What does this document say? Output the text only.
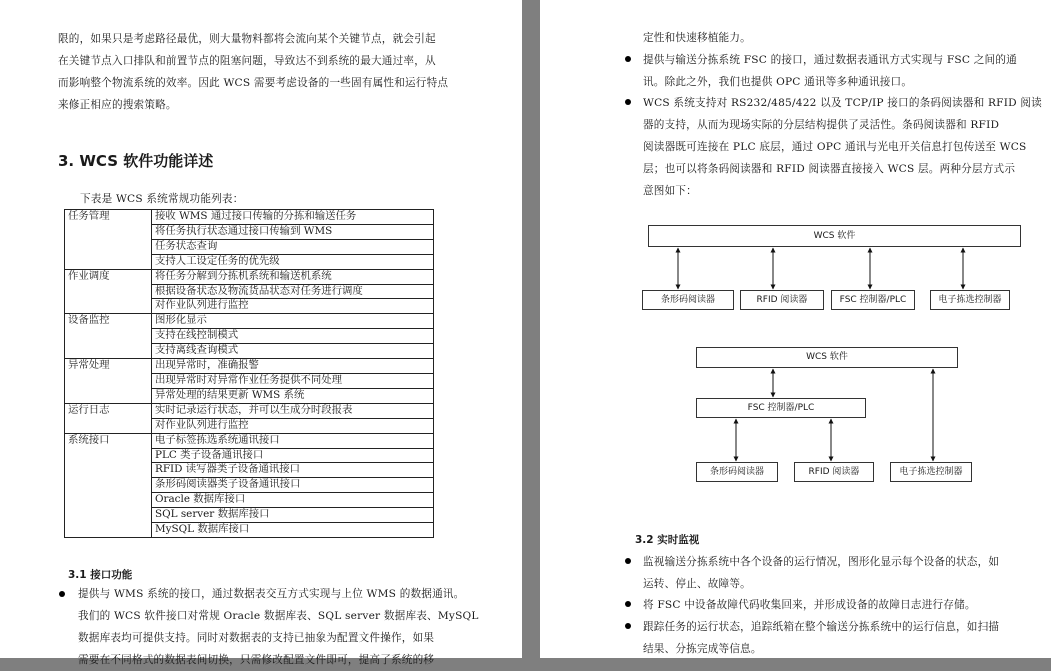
限的，如果只是考虑路径最优，则大量物料都将会流向某个关键节点，就会引起
在关键节点入口排队和前置节点的阻塞问题，导致达不到系统的最大通过率，从
而影响整个物流系统的效率。因此 WCS 需要考虑设备的一些固有属性和运行特点
来修正相应的搜索策略。
3. WCS 软件功能详述
下表是 WCS 系统常规功能列表：
任务管理	接收 WMS 通过接口传输的分拣和输送任务
	将任务执行状态通过接口传输到 WMS
	任务状态查询
	支持人工设定任务的优先级
作业调度	将任务分解到分拣机系统和输送机系统
	根据设备状态及物流货品状态对任务进行调度
	对作业队列进行监控
设备监控	图形化显示
	支持在线控制模式
	支持离线查询模式
异常处理	出现异常时，准确报警
	出现异常时对异常作业任务提供不同处理
	异常处理的结果更新 WMS 系统
运行日志	实时记录运行状态，并可以生成分时段报表
	对作业队列进行监控
系统接口	电子标签拣选系统通讯接口
	PLC 类子设备通讯接口
	RFID 读写器类子设备通讯接口
	条形码阅读器类子设备通讯接口
	Oracle 数据库接口
	SQL server 数据库接口
	MySQL 数据库接口
3.1 接口功能
提供与 WMS 系统的接口，通过数据表交互方式实现与上位 WMS 的数据通讯。
我们的 WCS 软件接口对常规 Oracle 数据库表、SQL server 数据库表、MySQL
数据库表均可提供支持。同时对数据表的支持已抽象为配置文件操作，如果
需要在不同格式的数据表间切换，只需修改配置文件即可，提高了系统的移
定性和快速移植能力。
提供与输送分拣系统 FSC 的接口，通过数据表通讯方式实现与 FSC 之间的通
讯。除此之外，我们也提供 OPC 通讯等多种通讯接口。
WCS 系统支持对 RS232/485/422 以及 TCP/IP 接口的条码阅读器和 RFID 阅读
器的支持，从而为现场实际的分层结构提供了灵活性。条码阅读器和 RFID
阅读器既可连接在 PLC 底层，通过 OPC 通讯与光电开关信息打包传送至 WCS
层；也可以将条码阅读器和 RFID 阅读器直接接入 WCS 层。两种分层方式示
意图如下：
WCS 软件
条形码阅读器	RFID 阅读器	FSC 控制器/PLC	电子拣选控制器
WCS 软件
FSC 控制器/PLC
条形码阅读器	RFID 阅读器	电子拣选控制器
3.2 实时监视
监视输送分拣系统中各个设备的运行情况，图形化显示每个设备的状态，如
运转、停止、故障等。
将 FSC 中设备故障代码收集回来，并形成设备的故障日志进行存储。
跟踪任务的运行状态，追踪纸箱在整个输送分拣系统中的运行信息，如扫描
结果、分拣完成等信息。
